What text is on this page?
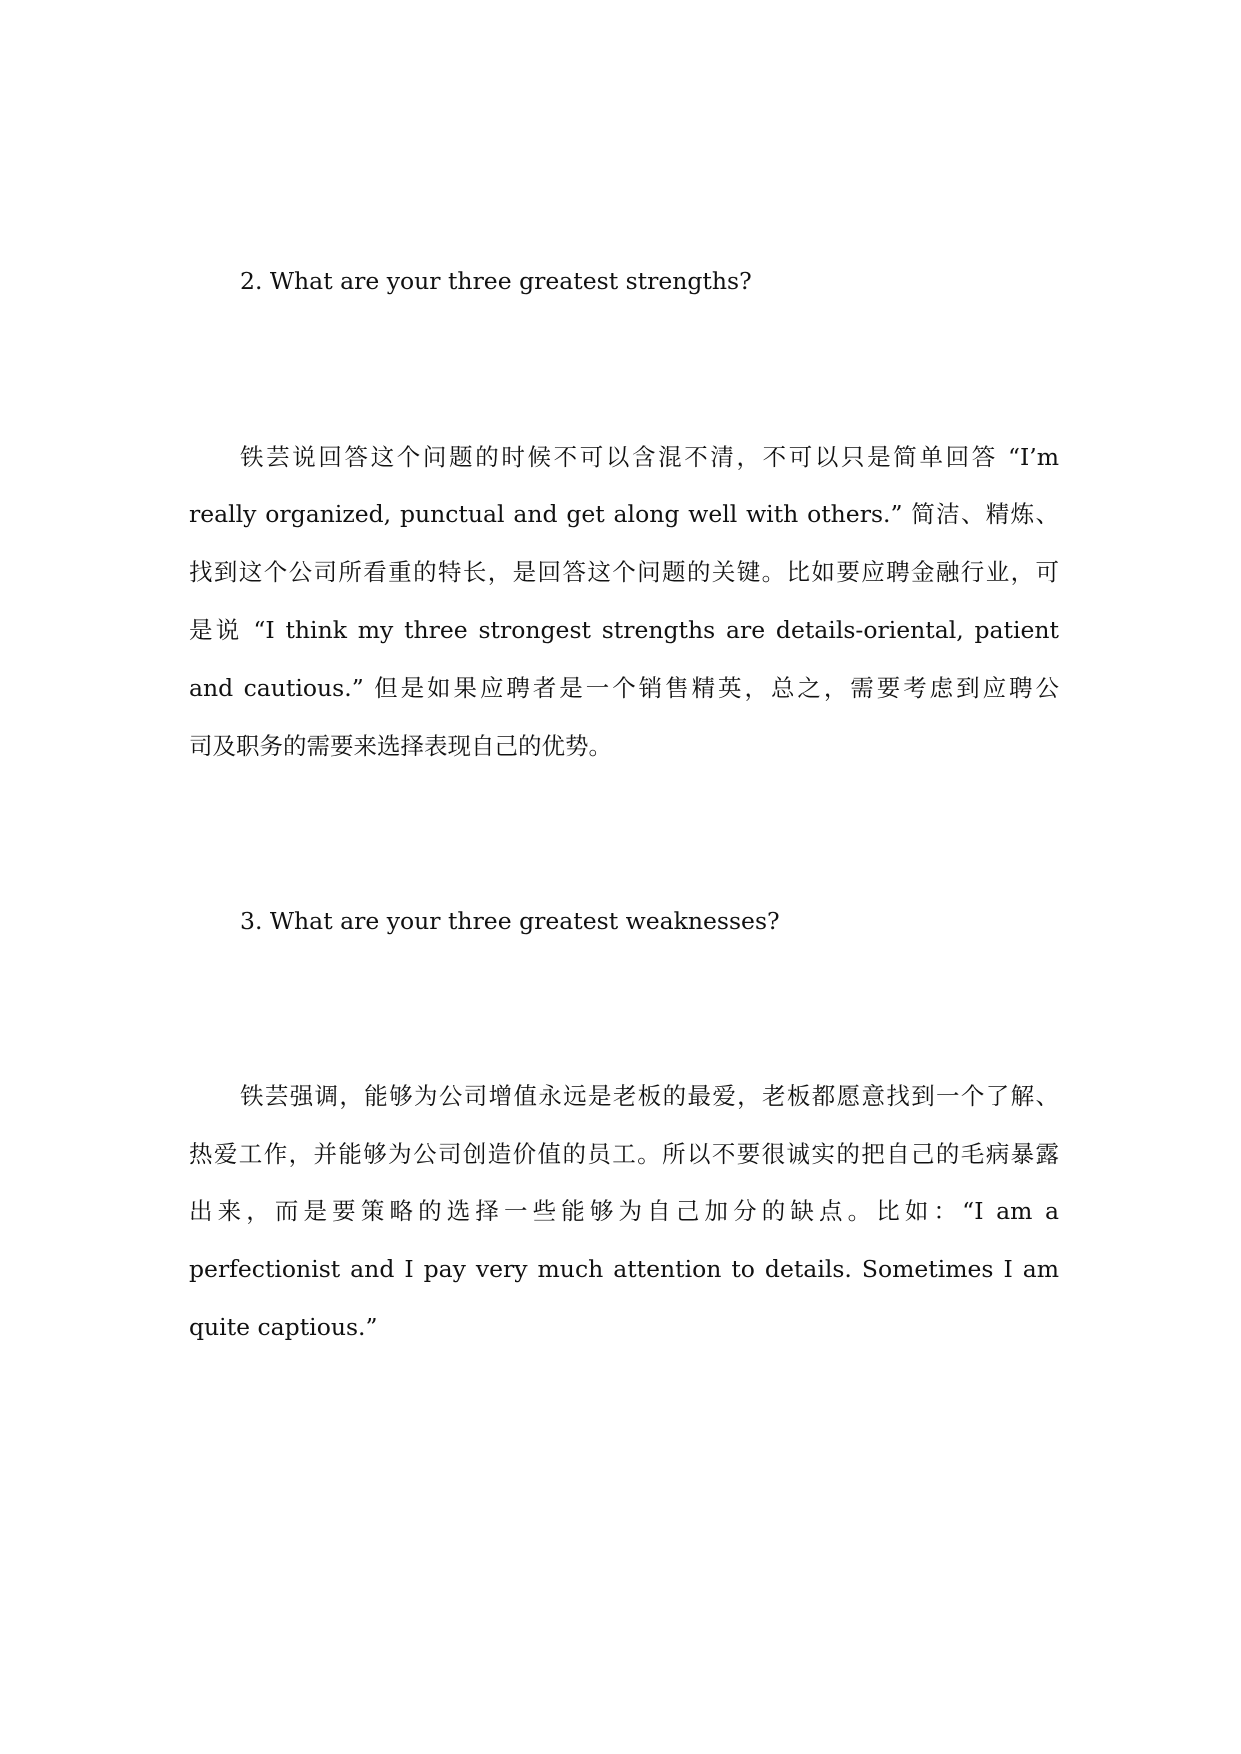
2. What are your three greatest strengths?
铁芸说回答这个问题的时候不可以含混不清，不可以只是简单回答 “I’m
really organized, punctual and get along well with others.” 简洁、精炼、
找到这个公司所看重的特长，是回答这个问题的关键。比如要应聘金融行业，可
是说 “I think my three strongest strengths are details-oriental, patient
and cautious.” 但是如果应聘者是一个销售精英，总之，需要考虑到应聘公
司及职务的需要来选择表现自己的优势。
3. What are your three greatest weaknesses?
铁芸强调，能够为公司增值永远是老板的最爱，老板都愿意找到一个了解、
热爱工作，并能够为公司创造价值的员工。所以不要很诚实的把自己的毛病暴露
出来，而是要策略的选择一些能够为自己加分的缺点。比如：“I am a
perfectionist and I pay very much attention to details. Sometimes I am
quite captious.”
